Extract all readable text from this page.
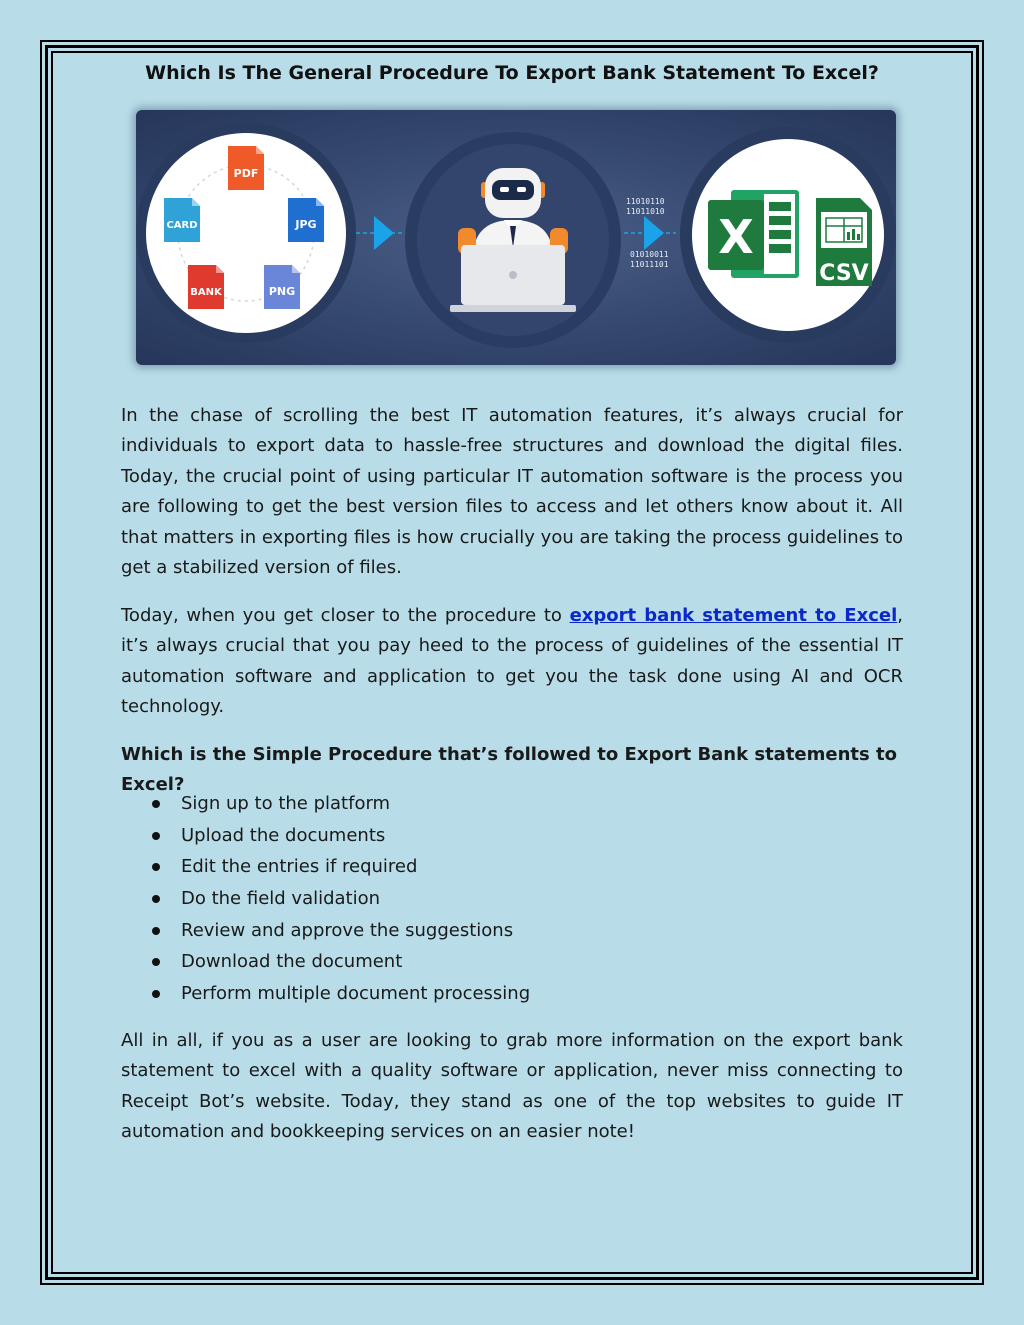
Which Is The General Procedure To Export Bank Statement To Excel?
PDF
JPG
PNG
BANK
CARD
11010110
11011010
01010011
11011101
X
CSV

In the chase of scrolling the best IT automation features, it’s always crucial for individuals to export data to hassle-free structures and download the digital files. Today, the crucial point of using particular IT automation software is the process you are following to get the best version files to access and let others know about it. All that matters in exporting files is how crucially you are taking the process guidelines to get a stabilized version of files.

Today, when you get closer to the procedure to export bank statement to Excel, it’s always crucial that you pay heed to the process of guidelines of the essential IT automation software and application to get you the task done using AI and OCR technology.

Which is the Simple Procedure that’s followed to Export Bank statements to Excel?

Sign up to the platform
Upload the documents
Edit the entries if required
Do the field validation
Review and approve the suggestions
Download the document
Perform multiple document processing

All in all, if you as a user are looking to grab more information on the export bank statement to excel with a quality software or application, never miss connecting to Receipt Bot’s website. Today, they stand as one of the top websites to guide IT automation and bookkeeping services on an easier note!
